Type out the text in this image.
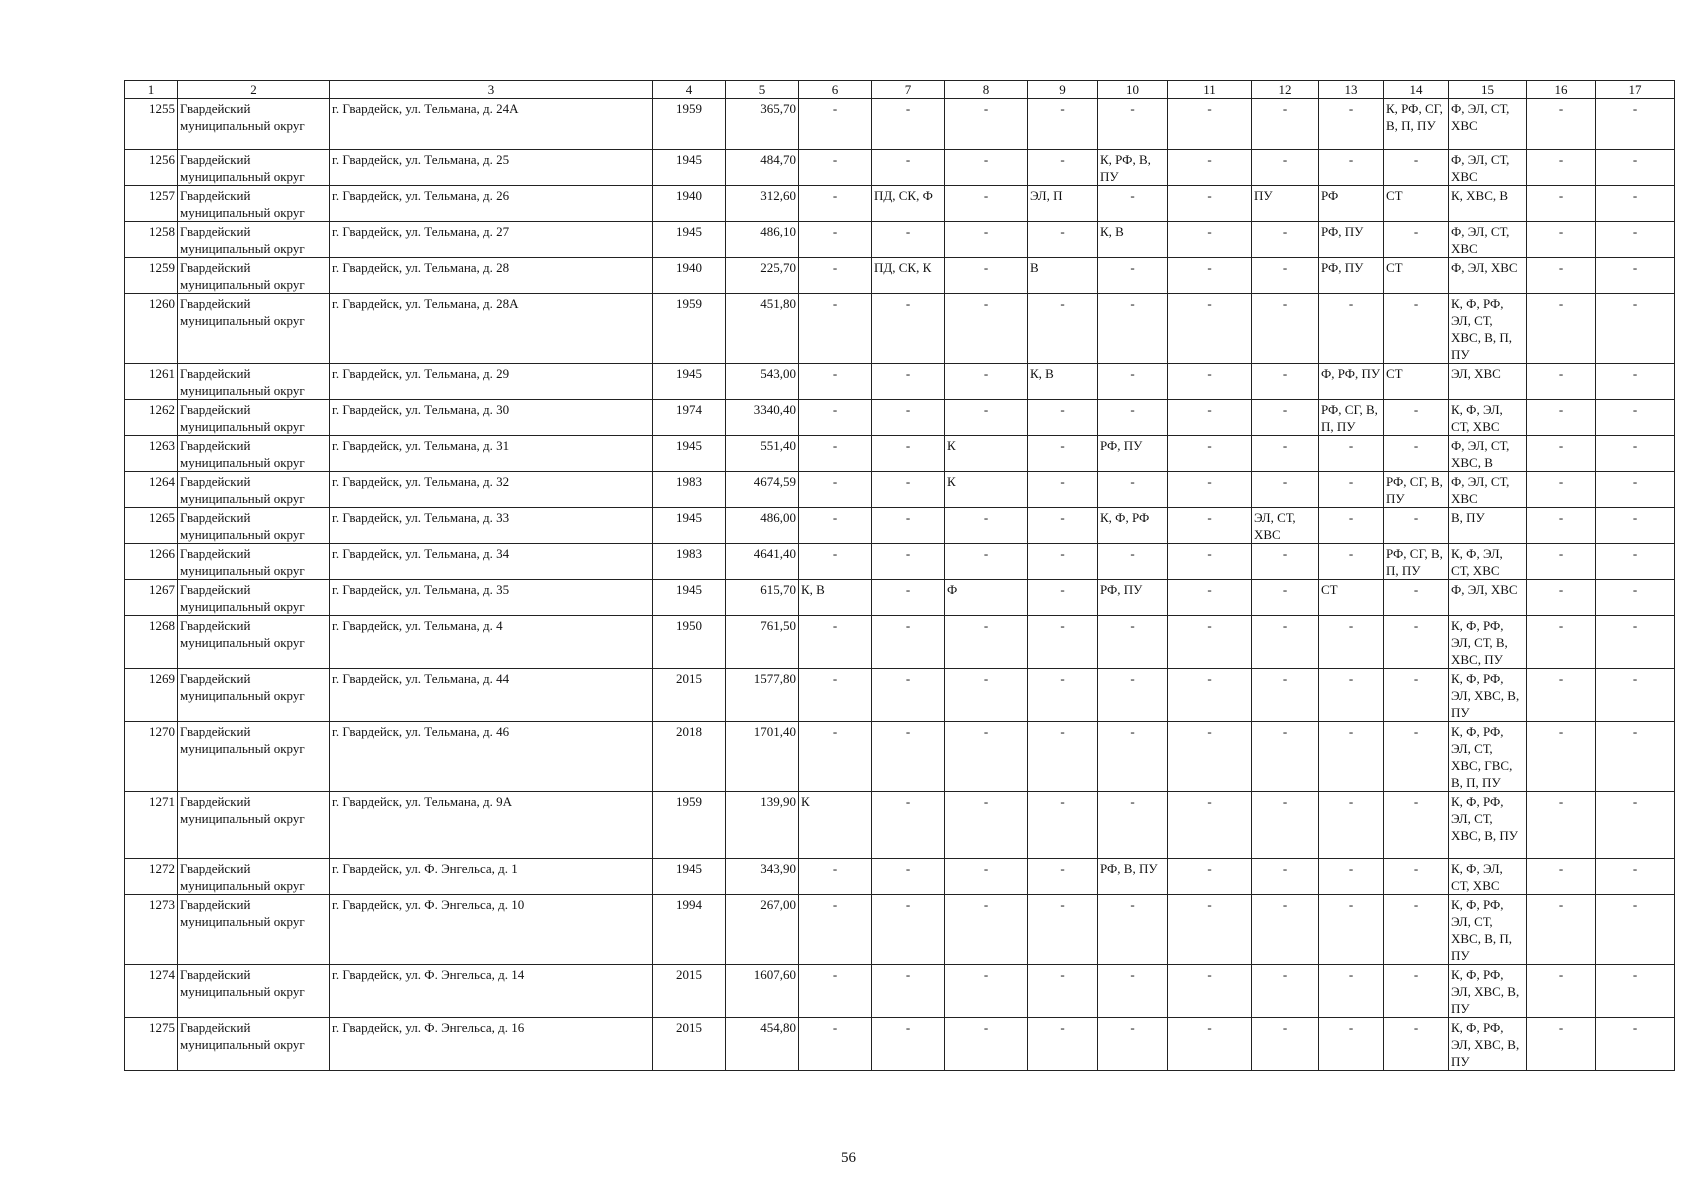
1	2	3	4	5	6	7	8	9	10	11	12	13	14	15	16	17
1255	Гвардейский муниципальный округ	г. Гвардейск, ул. Тельмана, д. 24А	1959	365,70	-	-	-	-	-	-	-	-	К, РФ, СГ, В, П, ПУ	Ф, ЭЛ, СТ, ХВС	-	-
1256	Гвардейский муниципальный округ	г. Гвардейск, ул. Тельмана, д. 25	1945	484,70	-	-	-	-	К, РФ, В, ПУ	-	-	-	-	Ф, ЭЛ, СТ, ХВС	-	-
1257	Гвардейский муниципальный округ	г. Гвардейск, ул. Тельмана, д. 26	1940	312,60	-	ПД, СК, Ф	-	ЭЛ, П	-	-	ПУ	РФ	СТ	К, ХВС, В	-	-
1258	Гвардейский муниципальный округ	г. Гвардейск, ул. Тельмана, д. 27	1945	486,10	-	-	-	-	К, В	-	-	РФ, ПУ	-	Ф, ЭЛ, СТ, ХВС	-	-
1259	Гвардейский муниципальный округ	г. Гвардейск, ул. Тельмана, д. 28	1940	225,70	-	ПД, СК, К	-	В	-	-	-	РФ, ПУ	СТ	Ф, ЭЛ, ХВС	-	-
1260	Гвардейский муниципальный округ	г. Гвардейск, ул. Тельмана, д. 28А	1959	451,80	-	-	-	-	-	-	-	-	-	К, Ф, РФ, ЭЛ, СТ, ХВС, В, П, ПУ	-	-
1261	Гвардейский муниципальный округ	г. Гвардейск, ул. Тельмана, д. 29	1945	543,00	-	-	-	К, В	-	-	-	Ф, РФ, ПУ	СТ	ЭЛ, ХВС	-	-
1262	Гвардейский муниципальный округ	г. Гвардейск, ул. Тельмана, д. 30	1974	3340,40	-	-	-	-	-	-	-	РФ, СГ, В, П, ПУ	-	К, Ф, ЭЛ, СТ, ХВС	-	-
1263	Гвардейский муниципальный округ	г. Гвардейск, ул. Тельмана, д. 31	1945	551,40	-	-	К	-	РФ, ПУ	-	-	-	-	Ф, ЭЛ, СТ, ХВС, В	-	-
1264	Гвардейский муниципальный округ	г. Гвардейск, ул. Тельмана, д. 32	1983	4674,59	-	-	К	-	-	-	-	-	РФ, СГ, В, ПУ	Ф, ЭЛ, СТ, ХВС	-	-
1265	Гвардейский муниципальный округ	г. Гвардейск, ул. Тельмана, д. 33	1945	486,00	-	-	-	-	К, Ф, РФ	-	ЭЛ, СТ, ХВС	-	-	В, ПУ	-	-
1266	Гвардейский муниципальный округ	г. Гвардейск, ул. Тельмана, д. 34	1983	4641,40	-	-	-	-	-	-	-	-	РФ, СГ, В, П, ПУ	К, Ф, ЭЛ, СТ, ХВС	-	-
1267	Гвардейский муниципальный округ	г. Гвардейск, ул. Тельмана, д. 35	1945	615,70	К, В	-	Ф	-	РФ, ПУ	-	-	СТ	-	Ф, ЭЛ, ХВС	-	-
1268	Гвардейский муниципальный округ	г. Гвардейск, ул. Тельмана, д. 4	1950	761,50	-	-	-	-	-	-	-	-	-	К, Ф, РФ, ЭЛ, СТ, В, ХВС, ПУ	-	-
1269	Гвардейский муниципальный округ	г. Гвардейск, ул. Тельмана, д. 44	2015	1577,80	-	-	-	-	-	-	-	-	-	К, Ф, РФ, ЭЛ, ХВС, В, ПУ	-	-
1270	Гвардейский муниципальный округ	г. Гвардейск, ул. Тельмана, д. 46	2018	1701,40	-	-	-	-	-	-	-	-	-	К, Ф, РФ, ЭЛ, СТ, ХВС, ГВС, В, П, ПУ	-	-
1271	Гвардейский муниципальный округ	г. Гвардейск, ул. Тельмана, д. 9А	1959	139,90	К	-	-	-	-	-	-	-	-	К, Ф, РФ, ЭЛ, СТ, ХВС, В, ПУ	-	-
1272	Гвардейский муниципальный округ	г. Гвардейск, ул. Ф. Энгельса, д. 1	1945	343,90	-	-	-	-	РФ, В, ПУ	-	-	-	-	К, Ф, ЭЛ, СТ, ХВС	-	-
1273	Гвардейский муниципальный округ	г. Гвардейск, ул. Ф. Энгельса, д. 10	1994	267,00	-	-	-	-	-	-	-	-	-	К, Ф, РФ, ЭЛ, СТ, ХВС, В, П, ПУ	-	-
1274	Гвардейский муниципальный округ	г. Гвардейск, ул. Ф. Энгельса, д. 14	2015	1607,60	-	-	-	-	-	-	-	-	-	К, Ф, РФ, ЭЛ, ХВС, В, ПУ	-	-
1275	Гвардейский муниципальный округ	г. Гвардейск, ул. Ф. Энгельса, д. 16	2015	454,80	-	-	-	-	-	-	-	-	-	К, Ф, РФ, ЭЛ, ХВС, В, ПУ	-	-
56
